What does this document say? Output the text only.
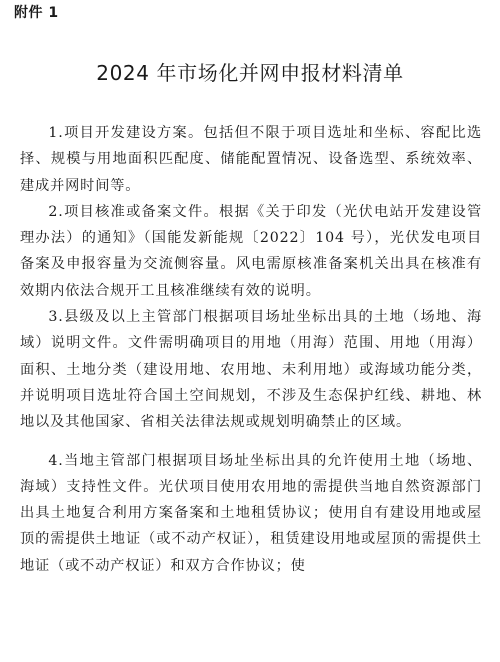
附件 1

2024 年市场化并网申报材料清单

1.项目开发建设方案。包括但不限于项目选址和坐标、容配比选择、规模与用地面积匹配度、储能配置情况、设备选型、系统效率、建成并网时间等。

2.项目核准或备案文件。根据《关于印发（光伏电站开发建设管理办法）的通知》（国能发新能规〔2022〕104 号），光伏发电项目备案及申报容量为交流侧容量。风电需原核准备案机关出具在核准有效期内依法合规开工且核准继续有效的说明。

3.县级及以上主管部门根据项目场址坐标出具的土地（场地、海域）说明文件。文件需明确项目的用地（用海）范围、用地（用海）面积、土地分类（建设用地、农用地、未利用地）或海域功能分类，并说明项目选址符合国土空间规划，不涉及生态保护红线、耕地、林地以及其他国家、省相关法律法规或规划明确禁止的区域。

4.当地主管部门根据项目场址坐标出具的允许使用土地（场地、海域）支持性文件。光伏项目使用农用地的需提供当地自然资源部门出具土地复合利用方案备案和土地租赁协议；使用自有建设用地或屋顶的需提供土地证（或不动产权证），租赁建设用地或屋顶的需提供土地证（或不动产权证）和双方合作协议；使
